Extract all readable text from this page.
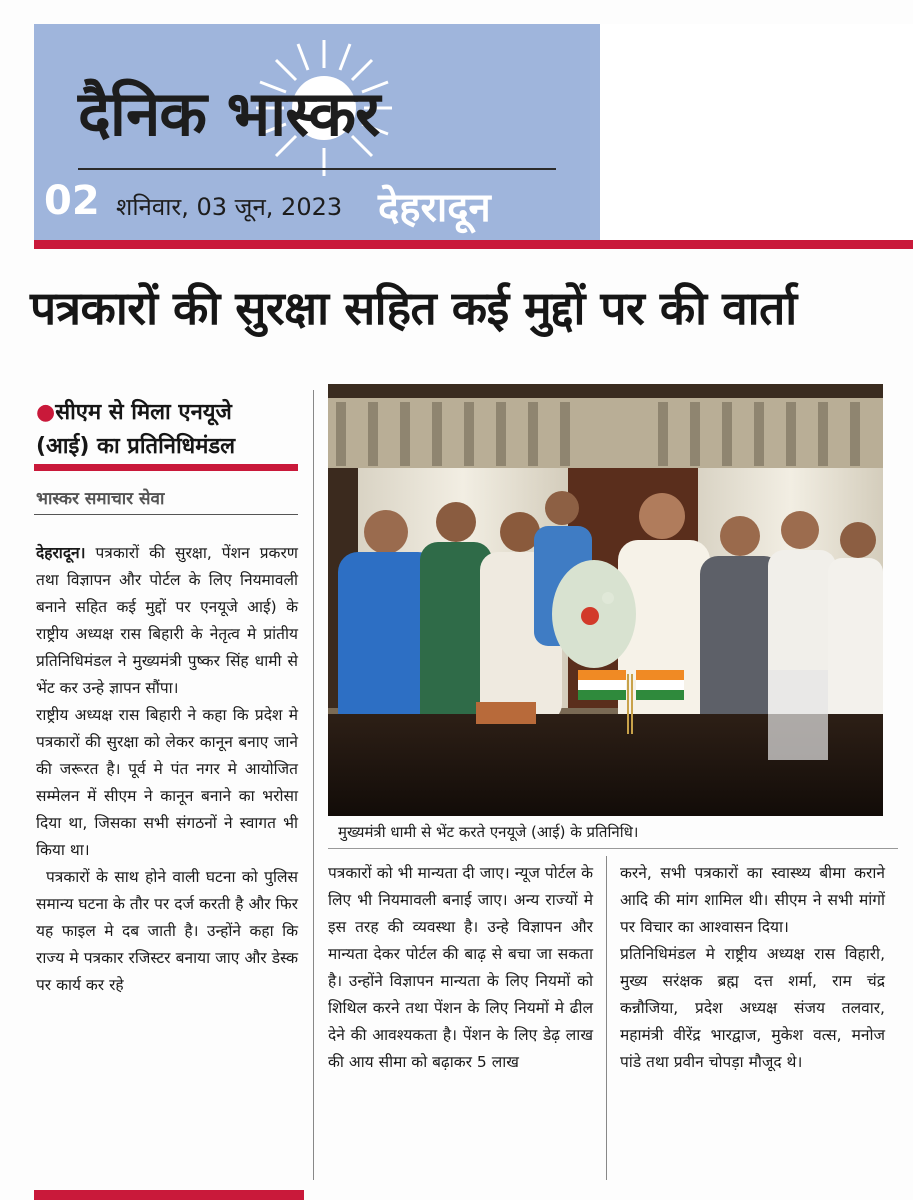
दैनिक भास्कर
02 शनिवार, 03 जून, 2023 देहरादून
पत्रकारों की सुरक्षा सहित कई मुद्दों पर की वार्ता
●सीएम से मिला एनयूजे
(आई) का प्रतिनिधिमंडल
भास्कर समाचार सेवा
मुख्यमंत्री धामी से भेंट करते एनयूजे (आई) के प्रतिनिधि।

देहरादून। पत्रकारों की सुरक्षा, पेंशन प्रकरण तथा विज्ञापन और पोर्टल के लिए नियमावली बनाने सहित कई मुद्दों पर एनयूजे आई) के राष्ट्रीय अध्यक्ष रास बिहारी के नेतृत्व मे प्रांतीय प्रतिनिधिमंडल ने मुख्यमंत्री पुष्कर सिंह धामी से भेंट कर उन्हे ज्ञापन सौंपा।

राष्ट्रीय अध्यक्ष रास बिहारी ने कहा कि प्रदेश मे पत्रकारों की सुरक्षा को लेकर कानून बनाए जाने की जरूरत है। पूर्व मे पंत नगर मे आयोजित सम्मेलन में सीएम ने कानून बनाने का भरोसा दिया था, जिसका सभी संगठनों ने स्वागत भी किया था।

पत्रकारों के साथ होने वाली घटना को पुलिस समान्य घटना के तौर पर दर्ज करती है और फिर यह फाइल मे दब जाती है। उन्होंने कहा कि राज्य मे पत्रकार रजिस्टर बनाया जाए और डेस्क पर कार्य कर रहे

पत्रकारों को भी मान्यता दी जाए। न्यूज पोर्टल के लिए भी नियमावली बनाई जाए। अन्य राज्यों मे इस तरह की व्यवस्था है। उन्हे विज्ञापन और मान्यता देकर पोर्टल की बाढ़ से बचा जा सकता है। उन्होंने विज्ञापन मान्यता के लिए नियमों को शिथिल करने तथा पेंशन के लिए नियमों मे ढील देने की आवश्यकता है। पेंशन के लिए डेढ़ लाख की आय सीमा को बढ़ाकर 5 लाख

करने, सभी पत्रकारों का स्वास्थ्य बीमा कराने आदि की मांग शामिल थी। सीएम ने सभी मांगों पर विचार का आश्वासन दिया।

प्रतिनिधिमंडल मे राष्ट्रीय अध्यक्ष रास विहारी, मुख्य सरंक्षक ब्रह्म दत्त शर्मा, राम चंद्र कन्नौजिया, प्रदेश अध्यक्ष संजय तलवार, महामंत्री वीरेंद्र भारद्वाज, मुकेश वत्स, मनोज पांडे तथा प्रवीन चोपड़ा मौजूद थे।
